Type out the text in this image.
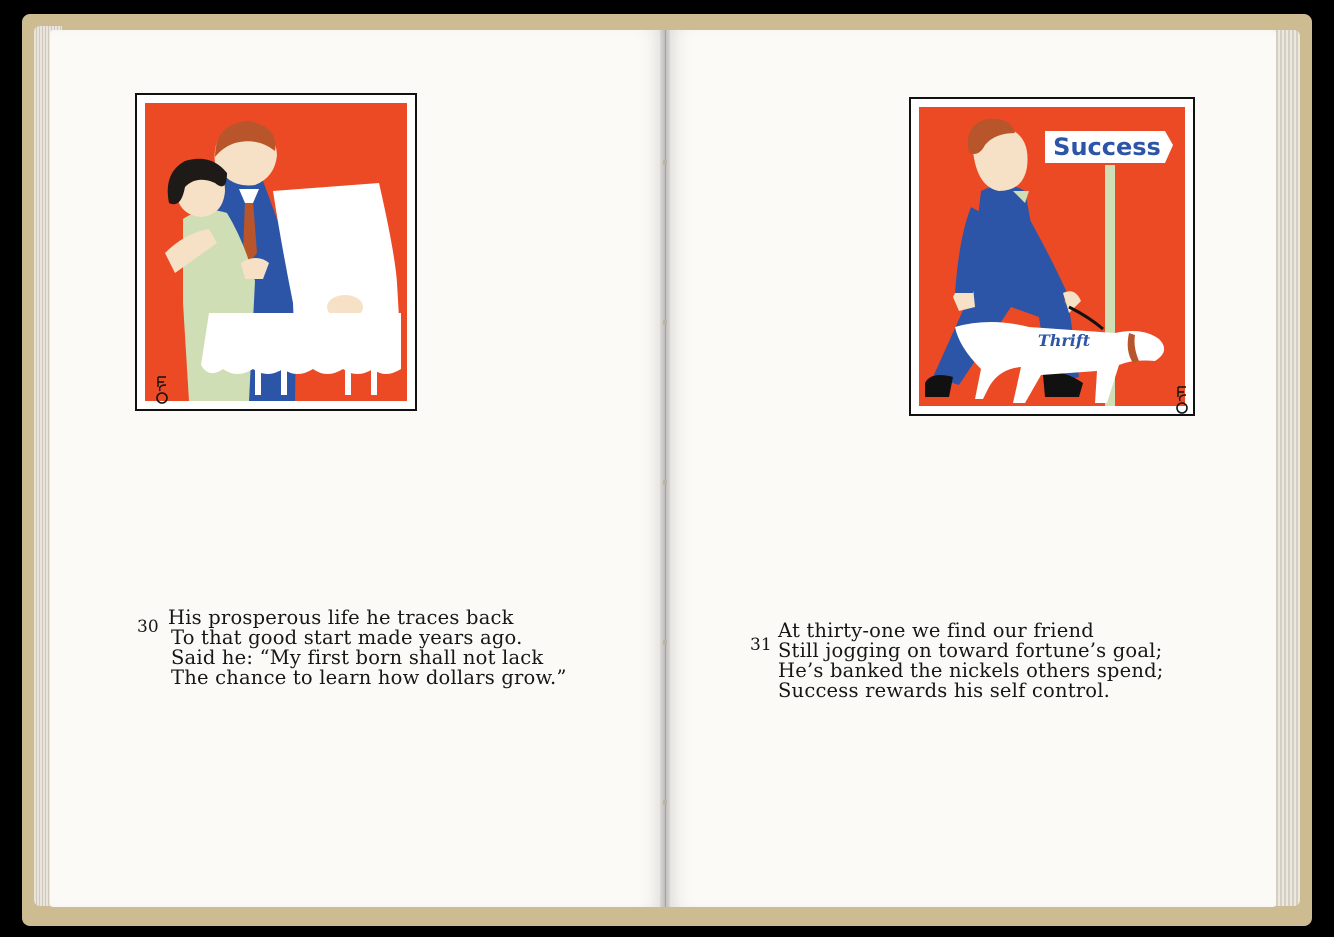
Success
Thrift
30 His prosperous life he traces back
To that good start made years ago.
Said he: “My first born shall not lack
The chance to learn how dollars grow.”
31
At thirty-one we find our friend
Still jogging on toward fortune’s goal;
He’s banked the nickels others spend;
Success rewards his self control.
